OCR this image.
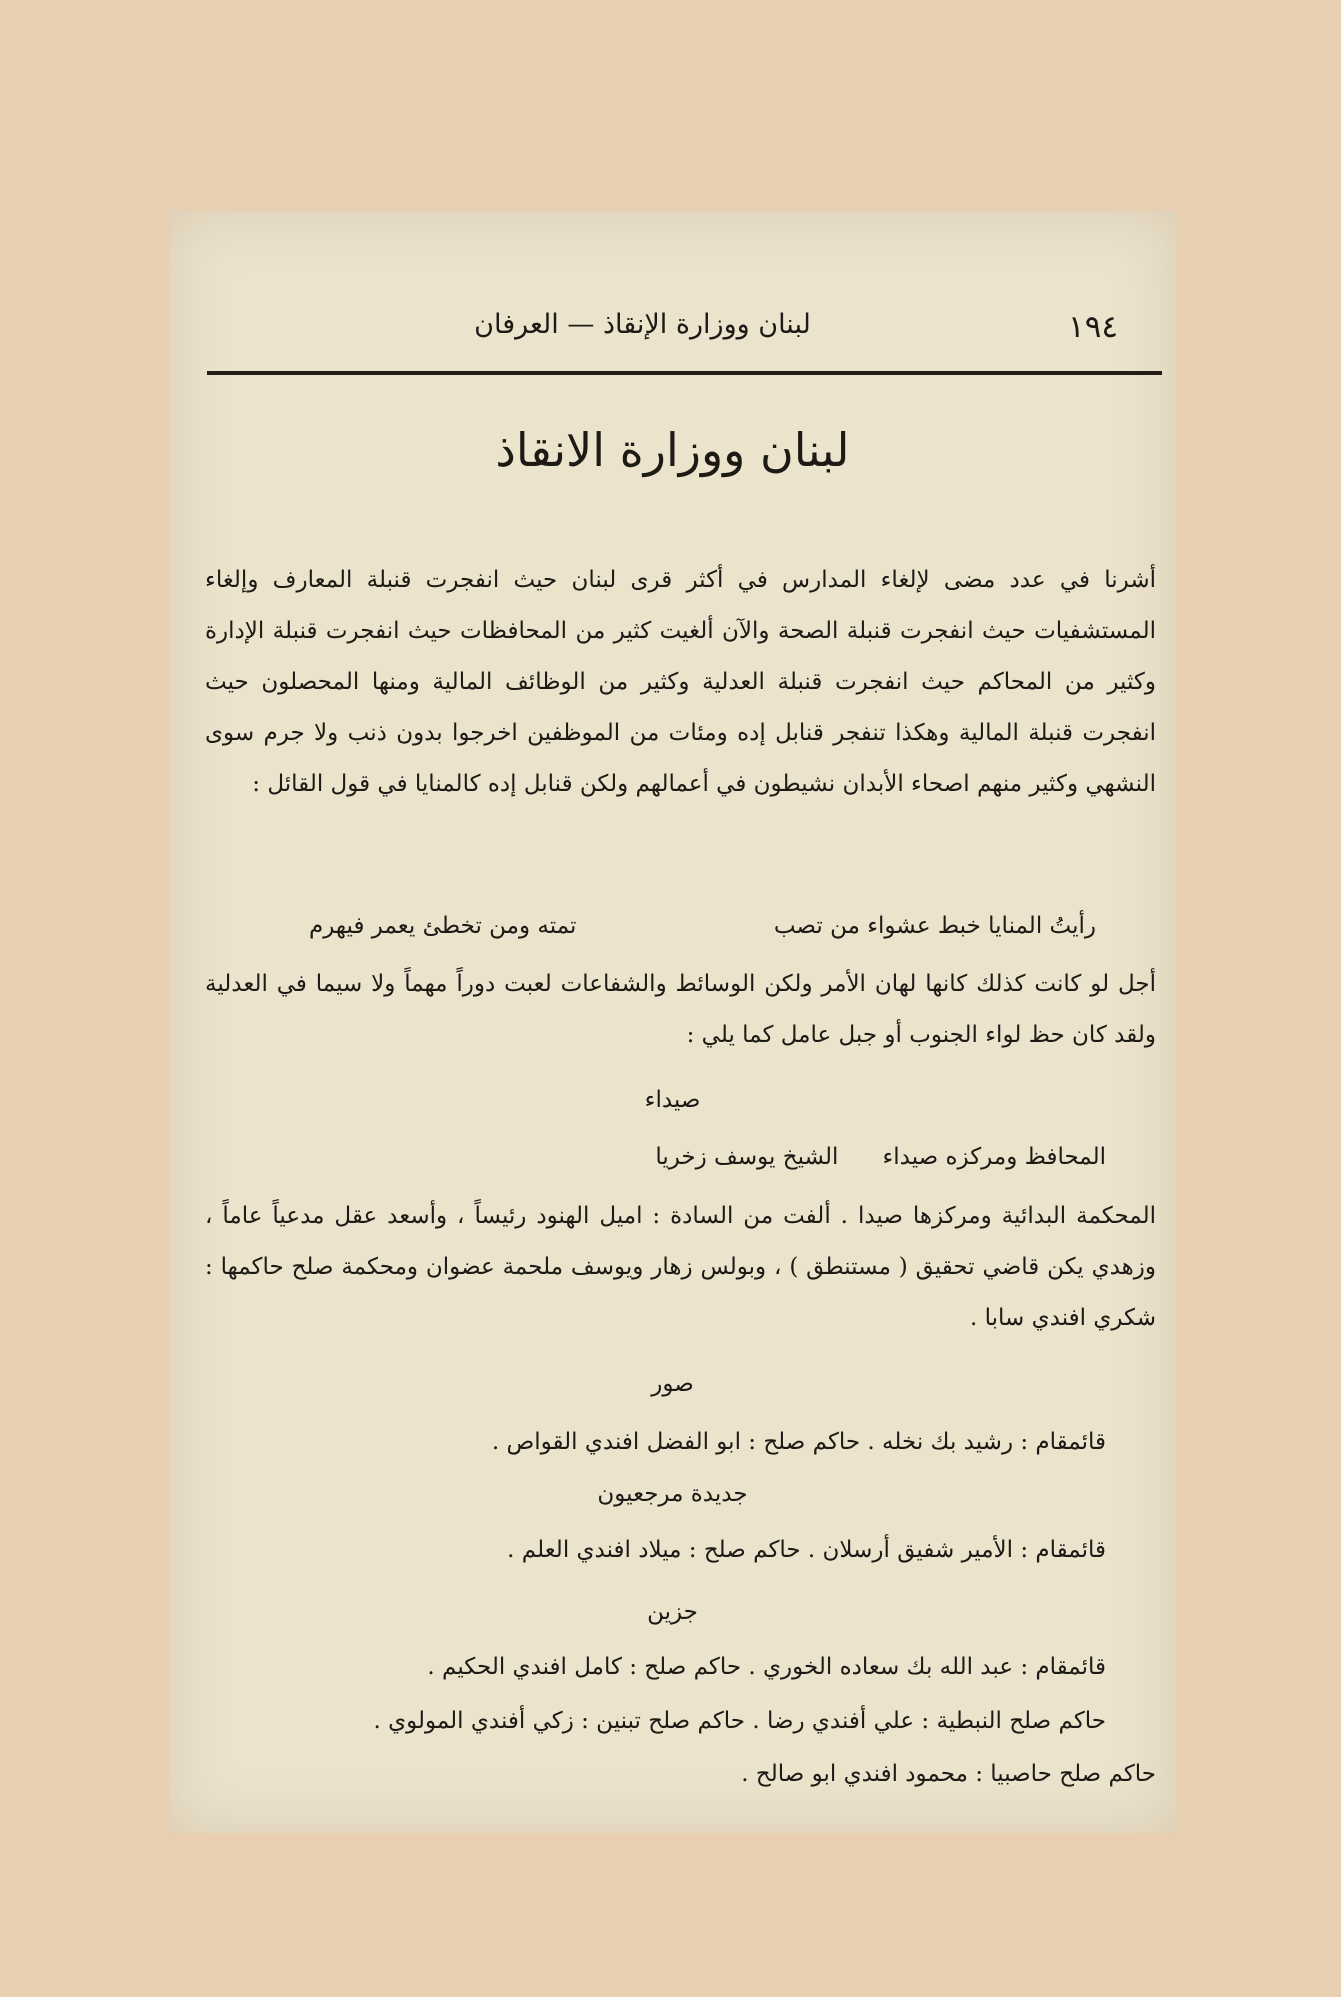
١٩٤
لبنان ووزارة الإنقاذ — العرفان
لبنان ووزارة الانقاذ

أشرنا في عدد مضى لإلغاء المدارس في أكثر قرى لبنان حيث انفجرت قنبلة المعارف وإلغاء المستشفيات حيث انفجرت قنبلة الصحة والآن ألغيت كثير من المحافظات حيث انفجرت قنبلة الإدارة وكثير من المحاكم حيث انفجرت قنبلة العدلية وكثير من الوظائف المالية ومنها المحصلون حيث انفجرت قنبلة المالية وهكذا تنفجر قنابل إده ومئات من الموظفين اخرجوا بدون ذنب ولا جرم سوى النشهي وكثير منهم اصحاء الأبدان نشيطون في أعمالهم ولكن قنابل إده كالمنايا في قول القائل :

رأيتُ المنايا خبط عشواء من تصب
تمته ومن تخطئ يعمر فيهرم
أجل لو كانت كذلك كانها لهان الأمر ولكن الوسائط والشفاعات لعبت دوراً مهماً ولا سيما في العدلية ولقد كان حظ لواء الجنوب أو جبل عامل كما يلي :
صيداء
المحافظ ومركزه صيداءالشيخ يوسف زخريا
المحكمة البدائية ومركزها صيدا . ألفت من السادة : اميل الهنود رئيساً ، وأسعد عقل مدعياً عاماً ، وزهدي يكن قاضي تحقيق ( مستنطق ) ، وبولس زهار ويوسف ملحمة عضوان ومحكمة صلح حاكمها : شكري افندي سابا .
صور
قائمقام : رشيد بك نخله . حاكم صلح : ابو الفضل افندي القواص .
جديدة مرجعيون
قائمقام : الأمير شفيق أرسلان . حاكم صلح : ميلاد افندي العلم .
جزين
قائمقام : عبد الله بك سعاده الخوري . حاكم صلح : كامل افندي الحكيم .
حاكم صلح النبطية : علي أفندي رضا . حاكم صلح تبنين : زكي أفندي المولوي .
حاكم صلح حاصبيا : محمود افندي ابو صالح .
